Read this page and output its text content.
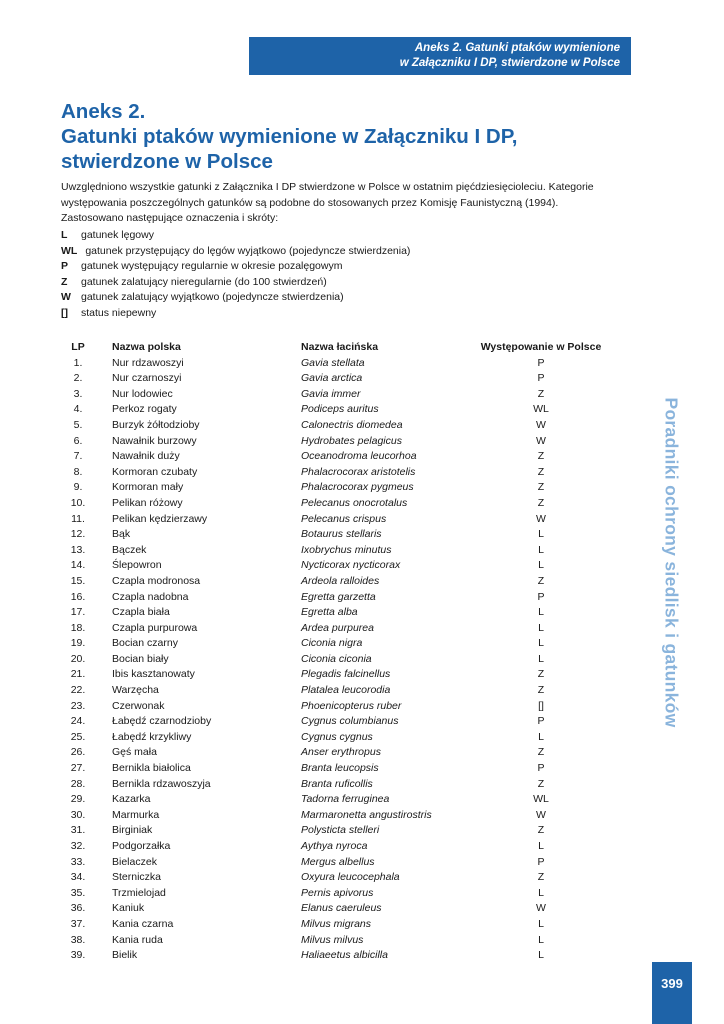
Aneks 2. Gatunki ptaków wymienione
w Załączniku I DP, stwierdzone w Polsce
Aneks 2.
Gatunki ptaków wymienione w Załączniku I DP,
stwierdzone w Polsce

Uwzględniono wszystkie gatunki z Załącznika I DP stwierdzone w Polsce w ostatnim pięćdziesięcioleciu. Kategorie występowania poszczególnych gatunków są podobne do stosowanych przez Komisję Faunistyczną (1994).

Zastosowano następujące oznaczenia i skróty:

L	gatunek lęgowy
WL gatunek przystępujący do lęgów wyjątkowo (pojedyncze stwierdzenia)
P	gatunek występujący regularnie w okresie pozalęgowym
Z	gatunek zalatujący nieregularnie (do 100 stwierdzeń)
W gatunek zalatujący wyjątkowo (pojedyncze stwierdzenia)
[]	status niepewny
LP		Nazwa polska	Nazwa łacińska	Występowanie w Polsce
1.		Nur rdzawoszyi	Gavia stellata	P
2.		Nur czarnoszyi	Gavia arctica	P
3.		Nur lodowiec	Gavia immer	Z
4.		Perkoz rogaty	Podiceps auritus	WL
5.		Burzyk żółtodzioby	Calonectris diomedea	W
6.		Nawałnik burzowy	Hydrobates pelagicus	W
7.		Nawałnik duży	Oceanodroma leucorhoa	Z
8.		Kormoran czubaty	Phalacrocorax aristotelis	Z
9.		Kormoran mały	Phalacrocorax pygmeus	Z
10.		Pelikan różowy	Pelecanus onocrotalus	Z
11.		Pelikan kędzierzawy	Pelecanus crispus	W
12.		Bąk	Botaurus stellaris	L
13.		Bączek	Ixobrychus minutus	L
14.		Ślepowron	Nycticorax nycticorax	L
15.		Czapla modronosa	Ardeola ralloides	Z
16.		Czapla nadobna	Egretta garzetta	P
17.		Czapla biała	Egretta alba	L
18.		Czapla purpurowa	Ardea purpurea	L
19.		Bocian czarny	Ciconia nigra	L
20.		Bocian biały	Ciconia ciconia	L
21.		Ibis kasztanowaty	Plegadis falcinellus	Z
22.		Warzęcha	Platalea leucorodia	Z
23.		Czerwonak	Phoenicopterus ruber	[]
24.		Łabędź czarnodzioby	Cygnus columbianus	P
25.		Łabędź krzykliwy	Cygnus cygnus	L
26.		Gęś mała	Anser erythropus	Z
27.		Bernikla białolica	Branta leucopsis	P
28.		Bernikla rdzawoszyja	Branta ruficollis	Z
29.		Kazarka	Tadorna ferruginea	WL
30.		Marmurka	Marmaronetta angustirostris	W
31.		Birginiak	Polysticta stelleri	Z
32.		Podgorzałka	Aythya nyroca	L
33.		Bielaczek	Mergus albellus	P
34.		Sterniczka	Oxyura leucocephala	Z
35.		Trzmielojad	Pernis apivorus	L
36.		Kaniuk	Elanus caeruleus	W
37.		Kania czarna	Milvus migrans	L
38.		Kania ruda	Milvus milvus	L
39.		Bielik	Haliaeetus albicilla	L
Poradniki ochrony siedlisk i gatunków
399
